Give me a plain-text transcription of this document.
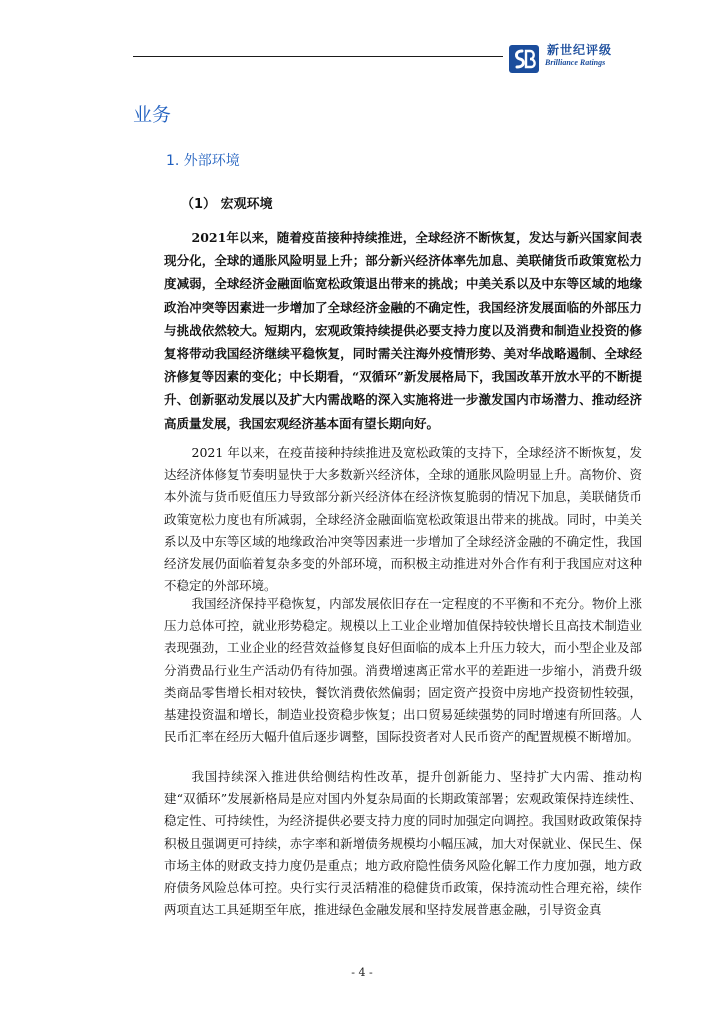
新世纪评级
Brilliance Ratings
业务
1. 外部环境
（1） 宏观环境

2021年以来，随着疫苗接种持续推进，全球经济不断恢复，发达与新兴国家间表现分化，全球的通胀风险明显上升；部分新兴经济体率先加息、美联储货币政策宽松力度减弱，全球经济金融面临宽松政策退出带来的挑战；中美关系以及中东等区域的地缘政治冲突等因素进一步增加了全球经济金融的不确定性，我国经济发展面临的外部压力与挑战依然较大。短期内，宏观政策持续提供必要支持力度以及消费和制造业投资的修复将带动我国经济继续平稳恢复，同时需关注海外疫情形势、美对华战略遏制、全球经济修复等因素的变化；中长期看，“双循环”新发展格局下，我国改革开放水平的不断提升、创新驱动发展以及扩大内需战略的深入实施将进一步激发国内市场潜力、推动经济高质量发展，我国宏观经济基本面有望长期向好。

2021 年以来，在疫苗接种持续推进及宽松政策的支持下，全球经济不断恢复，发达经济体修复节奏明显快于大多数新兴经济体，全球的通胀风险明显上升。高物价、资本外流与货币贬值压力导致部分新兴经济体在经济恢复脆弱的情况下加息，美联储货币政策宽松力度也有所减弱，全球经济金融面临宽松政策退出带来的挑战。同时，中美关系以及中东等区域的地缘政治冲突等因素进一步增加了全球经济金融的不确定性，我国经济发展仍面临着复杂多变的外部环境，而积极主动推进对外合作有利于我国应对这种不稳定的外部环境。

我国经济保持平稳恢复，内部发展依旧存在一定程度的不平衡和不充分。物价上涨压力总体可控，就业形势稳定。规模以上工业企业增加值保持较快增长且高技术制造业表现强劲，工业企业的经营效益修复良好但面临的成本上升压力较大，而小型企业及部分消费品行业生产活动仍有待加强。消费增速离正常水平的差距进一步缩小，消费升级类商品零售增长相对较快，餐饮消费依然偏弱；固定资产投资中房地产投资韧性较强，基建投资温和增长，制造业投资稳步恢复；出口贸易延续强势的同时增速有所回落。人民币汇率在经历大幅升值后逐步调整，国际投资者对人民币资产的配置规模不断增加。

我国持续深入推进供给侧结构性改革，提升创新能力、坚持扩大内需、推动构建“双循环”发展新格局是应对国内外复杂局面的长期政策部署；宏观政策保持连续性、稳定性、可持续性，为经济提供必要支持力度的同时加强定向调控。我国财政政策保持积极且强调更可持续，赤字率和新增债务规模均小幅压减，加大对保就业、保民生、保市场主体的财政支持力度仍是重点；地方政府隐性债务风险化解工作力度加强，地方政府债务风险总体可控。央行实行灵活精准的稳健货币政策，保持流动性合理充裕，续作两项直达工具延期至年底，推进绿色金融发展和坚持发展普惠金融，引导资金真

- 4 -
